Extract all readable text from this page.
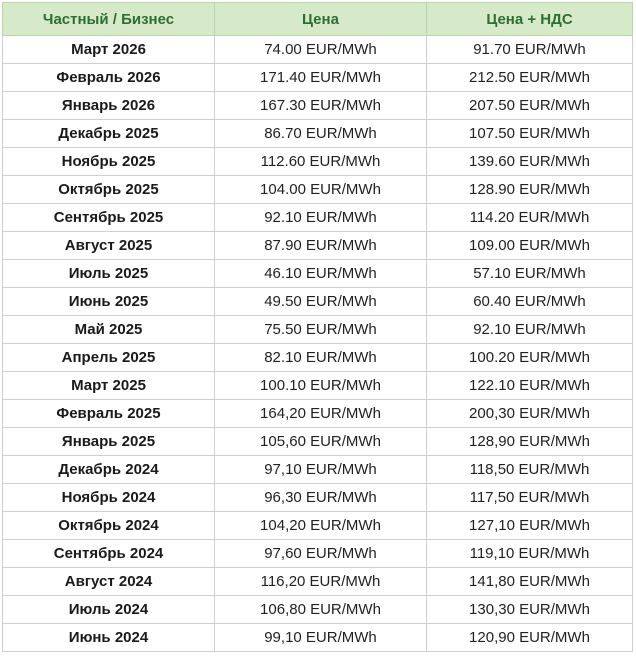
Частный / Бизнес	Цена	Цена + НДС
Март 2026	74.00 EUR/MWh	91.70 EUR/MWh
Февраль 2026	171.40 EUR/MWh	212.50 EUR/MWh
Январь 2026	167.30 EUR/MWh	207.50 EUR/MWh
Декабрь 2025	86.70 EUR/MWh	107.50 EUR/MWh
Ноябрь 2025	112.60 EUR/MWh	139.60 EUR/MWh
Октябрь 2025	104.00 EUR/MWh	128.90 EUR/MWh
Сентябрь 2025	92.10 EUR/MWh	114.20 EUR/MWh
Август 2025	87.90 EUR/MWh	109.00 EUR/MWh
Июль 2025	46.10 EUR/MWh	57.10 EUR/MWh
Июнь 2025	49.50 EUR/MWh	60.40 EUR/MWh
Май 2025	75.50 EUR/MWh	92.10 EUR/MWh
Апрель 2025	82.10 EUR/MWh	100.20 EUR/MWh
Март 2025	100.10 EUR/MWh	122.10 EUR/MWh
Февраль 2025	164,20 EUR/MWh	200,30 EUR/MWh
Январь 2025	105,60 EUR/MWh	128,90 EUR/MWh
Декабрь 2024	97,10 EUR/MWh	118,50 EUR/MWh
Ноябрь 2024	96,30 EUR/MWh	117,50 EUR/MWh
Октябрь 2024	104,20 EUR/MWh	127,10 EUR/MWh
Сентябрь 2024	97,60 EUR/MWh	119,10 EUR/MWh
Август 2024	116,20 EUR/MWh	141,80 EUR/MWh
Июль 2024	106,80 EUR/MWh	130,30 EUR/MWh
Июнь 2024	99,10 EUR/MWh	120,90 EUR/MWh
